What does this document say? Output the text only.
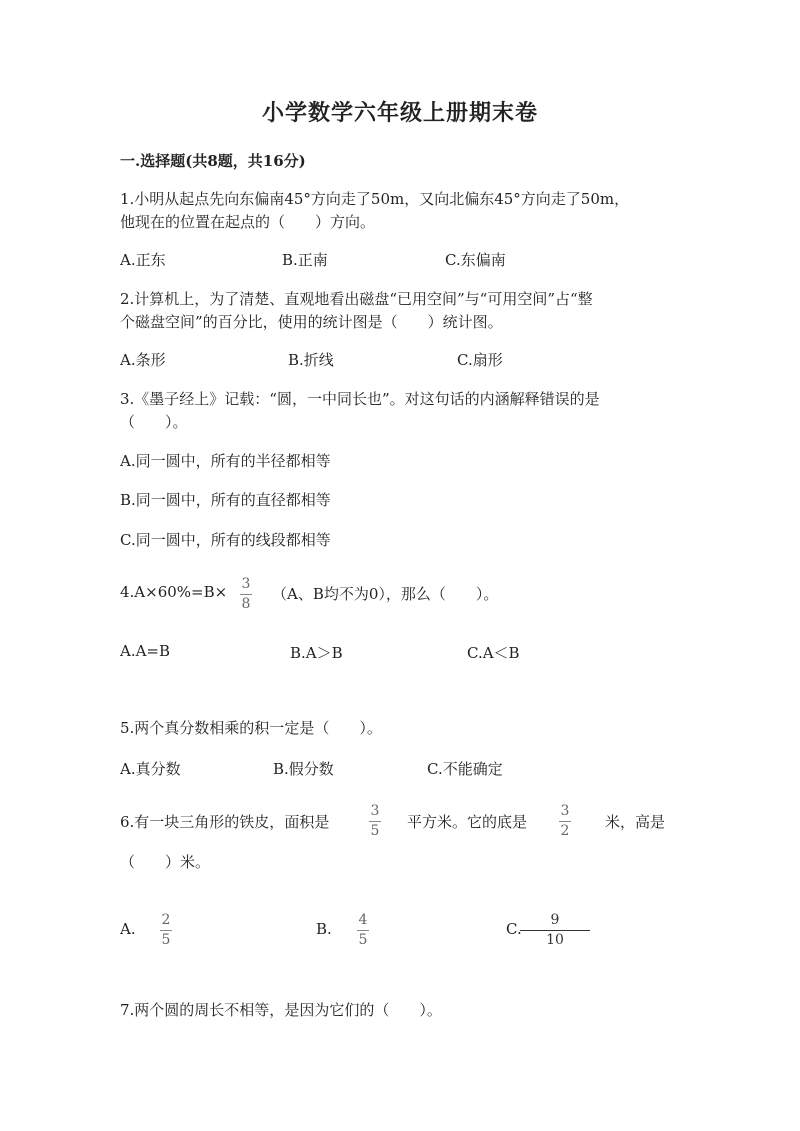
小学数学六年级上册期末卷
一.选择题(共8题，共16分)
1.小明从起点先向东偏南45°方向走了50m，又向北偏东45°方向走了50m，
他现在的位置在起点的（　　）方向。
A.正东	B.正南	C.东偏南
2.计算机上，为了清楚、直观地看出磁盘“已用空间”与“可用空间”占“整
个磁盘空间”的百分比，使用的统计图是（　　）统计图。
A.条形	B.折线	C.扇形
3.《墨子经上》记载：“圆，一中同长也”。对这句话的内涵解释错误的是
（　　）。
A.同一圆中，所有的半径都相等
B.同一圆中，所有的直径都相等
C.同一圆中，所有的线段都相等
4.A×60%=B× 3
8
（A、B均不为0），那么（　　）。
A.A=B	B.A＞B	C.A＜B
5.两个真分数相乘的积一定是（　　）。
A.真分数	B.假分数	C.不能确定
6.有一块三角形的铁皮，面积是
3
5 平方米。它的底是
3
2 米，高是
（　　）米。
A. 2
5
B. 4
5
C. 9
10
7.两个圆的周长不相等，是因为它们的（　　）。
